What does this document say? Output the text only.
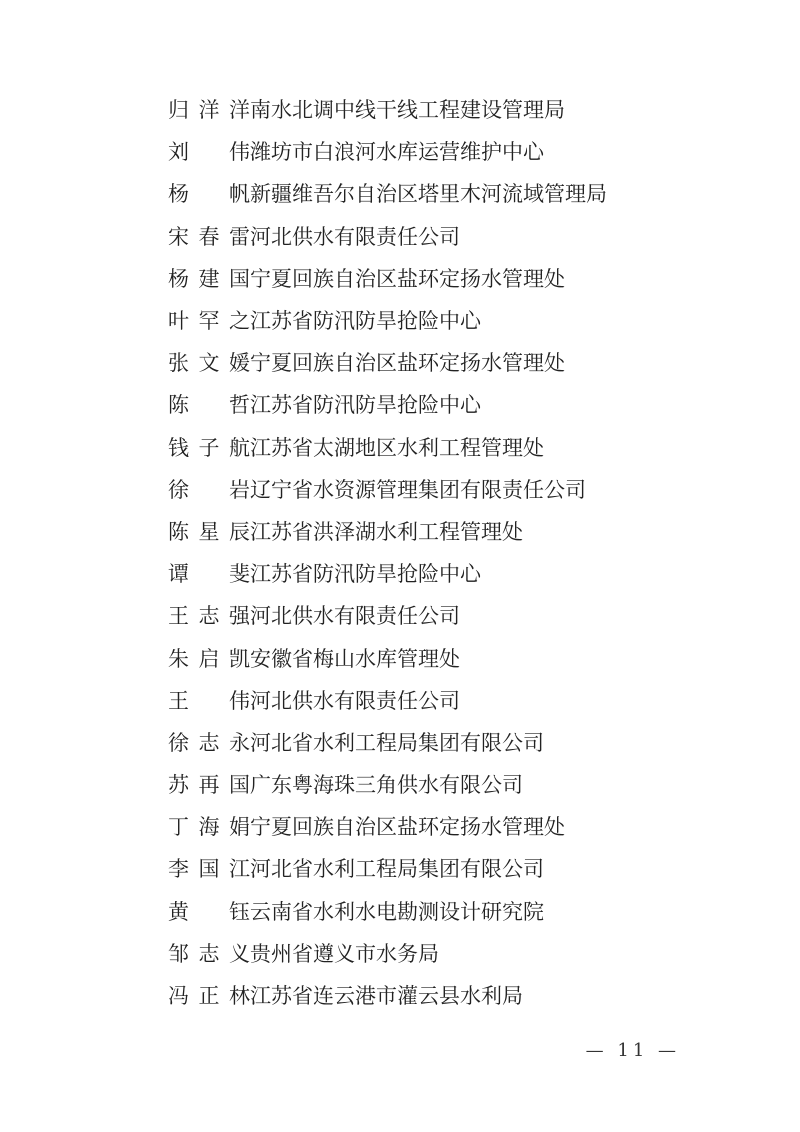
归洋洋 南水北调中线干线工程建设管理局
刘　伟 潍坊市白浪河水库运营维护中心
杨　帆 新疆维吾尔自治区塔里木河流域管理局
宋春雷 河北供水有限责任公司
杨建国 宁夏回族自治区盐环定扬水管理处
叶罕之 江苏省防汛防旱抢险中心
张文媛 宁夏回族自治区盐环定扬水管理处
陈　哲 江苏省防汛防旱抢险中心
钱子航 江苏省太湖地区水利工程管理处
徐　岩 辽宁省水资源管理集团有限责任公司
陈星辰 江苏省洪泽湖水利工程管理处
谭　斐 江苏省防汛防旱抢险中心
王志强 河北供水有限责任公司
朱启凯 安徽省梅山水库管理处
王　伟 河北供水有限责任公司
徐志永 河北省水利工程局集团有限公司
苏再国 广东粤海珠三角供水有限公司
丁海娟 宁夏回族自治区盐环定扬水管理处
李国江 河北省水利工程局集团有限公司
黄　钰 云南省水利水电勘测设计研究院
邹志义 贵州省遵义市水务局
冯正林 江苏省连云港市灌云县水利局
— 11 —
